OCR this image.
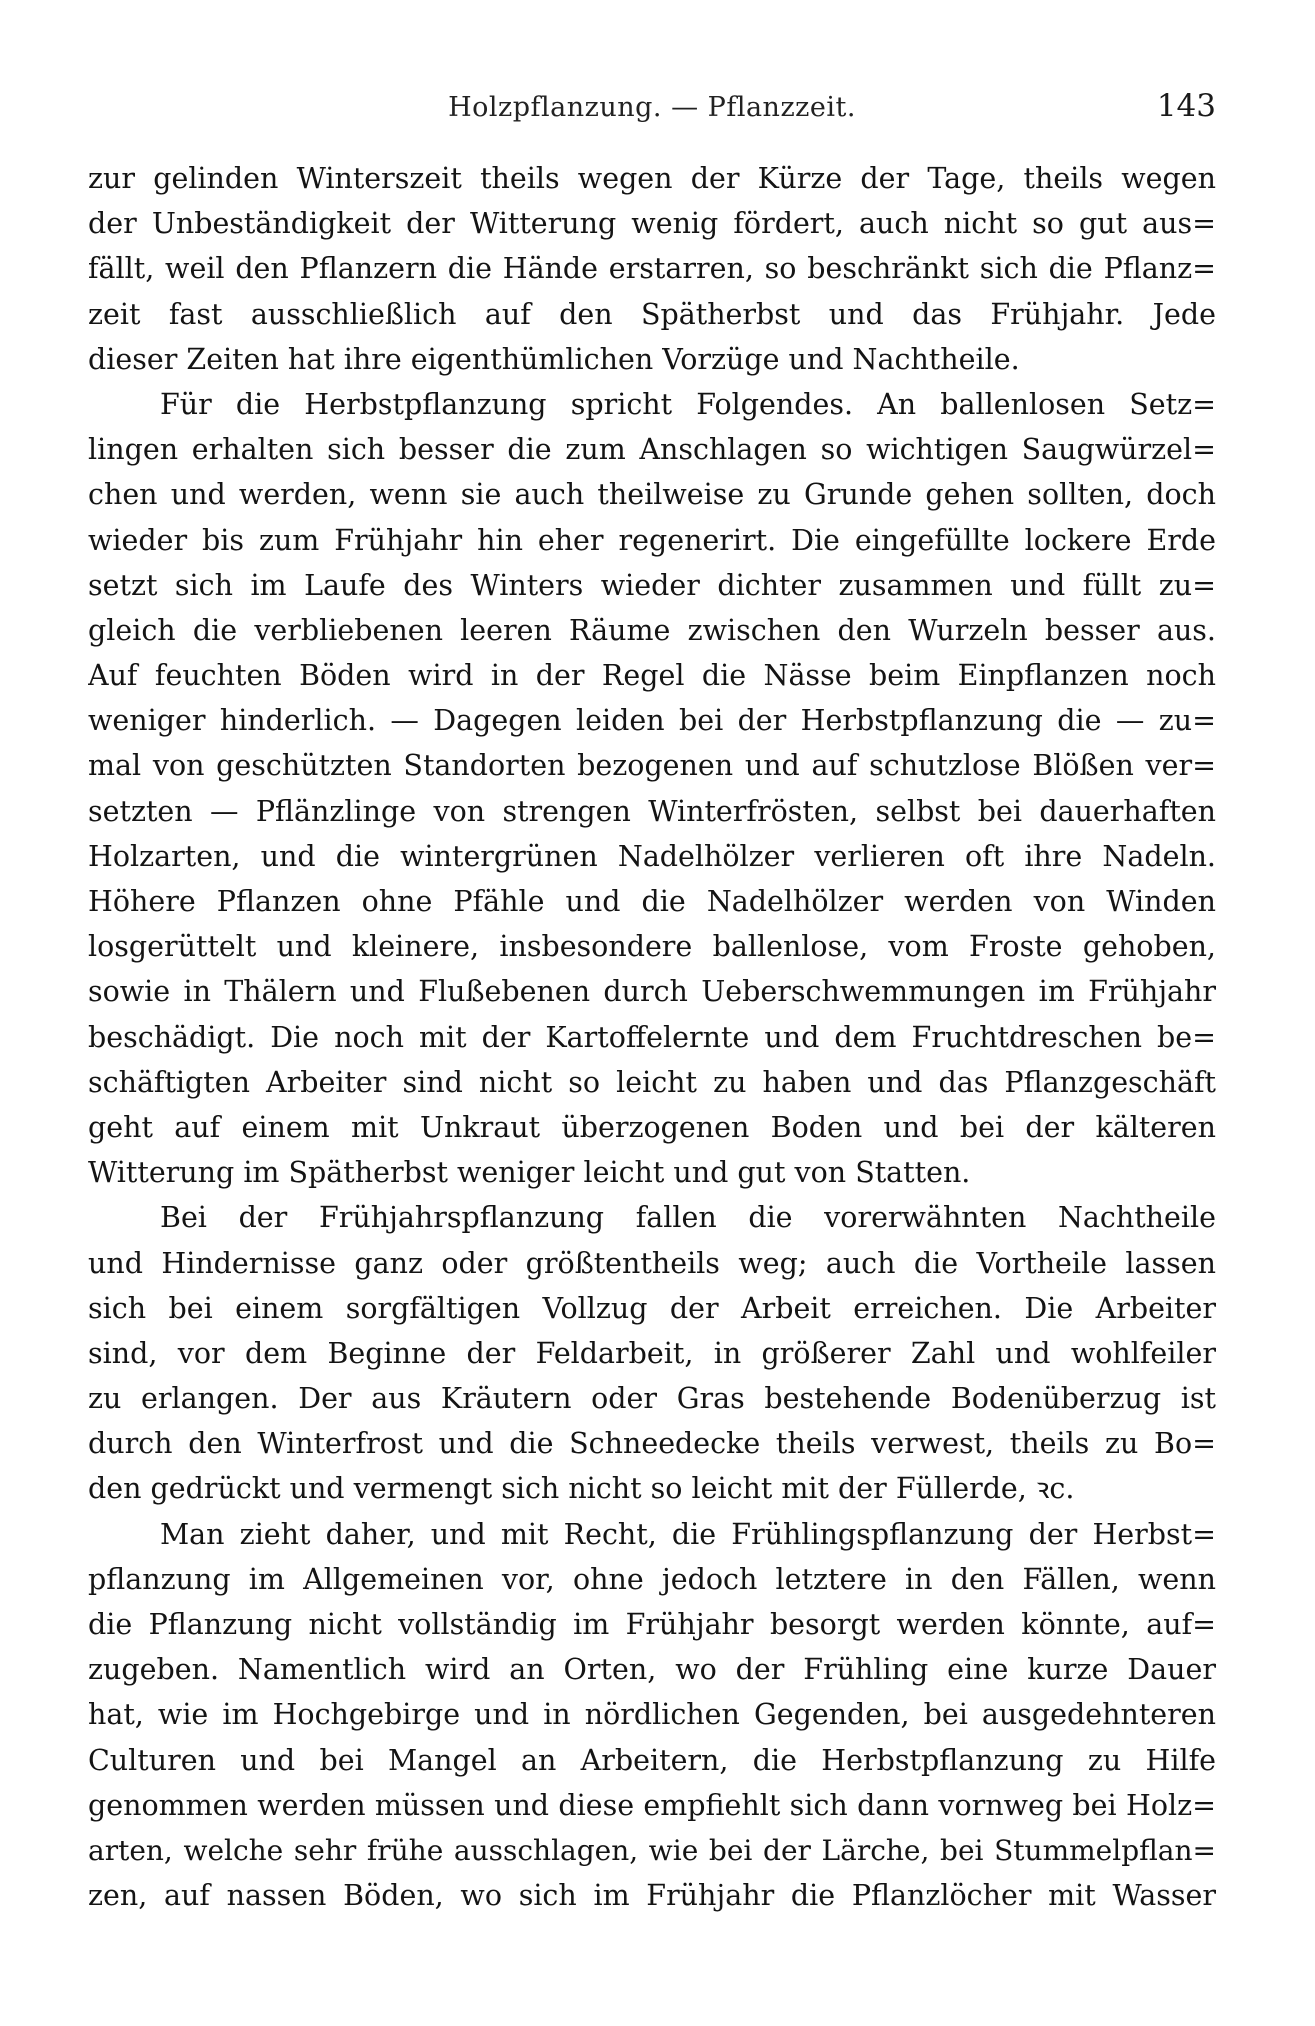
Holzpflanzung. — Pflanzzeit.	143
zur gelinden Winterszeit theils wegen der Kürze der Tage, theils wegen
der Unbeständigkeit der Witterung wenig fördert, auch nicht so gut aus=
fällt, weil den Pflanzern die Hände erstarren, so beschränkt sich die Pflanz=
zeit fast ausschließlich auf den Spätherbst und das Frühjahr. Jede
dieser Zeiten hat ihre eigenthümlichen Vorzüge und Nachtheile.
Für die Herbstpflanzung spricht Folgendes. An ballenlosen Setz=
lingen erhalten sich besser die zum Anschlagen so wichtigen Saugwürzel=
chen und werden, wenn sie auch theilweise zu Grunde gehen sollten, doch
wieder bis zum Frühjahr hin eher regenerirt. Die eingefüllte lockere Erde
setzt sich im Laufe des Winters wieder dichter zusammen und füllt zu=
gleich die verbliebenen leeren Räume zwischen den Wurzeln besser aus.
Auf feuchten Böden wird in der Regel die Nässe beim Einpflanzen noch
weniger hinderlich. — Dagegen leiden bei der Herbstpflanzung die — zu=
mal von geschützten Standorten bezogenen und auf schutzlose Blößen ver=
setzten — Pflänzlinge von strengen Winterfrösten, selbst bei dauerhaften
Holzarten, und die wintergrünen Nadelhölzer verlieren oft ihre Nadeln.
Höhere Pflanzen ohne Pfähle und die Nadelhölzer werden von Winden
losgerüttelt und kleinere, insbesondere ballenlose, vom Froste gehoben,
sowie in Thälern und Flußebenen durch Ueberschwemmungen im Frühjahr
beschädigt. Die noch mit der Kartoffelernte und dem Fruchtdreschen be=
schäftigten Arbeiter sind nicht so leicht zu haben und das Pflanzgeschäft
geht auf einem mit Unkraut überzogenen Boden und bei der kälteren
Witterung im Spätherbst weniger leicht und gut von Statten.
Bei der Frühjahrspflanzung fallen die vorerwähnten Nachtheile
und Hindernisse ganz oder größtentheils weg; auch die Vortheile lassen
sich bei einem sorgfältigen Vollzug der Arbeit erreichen. Die Arbeiter
sind, vor dem Beginne der Feldarbeit, in größerer Zahl und wohlfeiler
zu erlangen. Der aus Kräutern oder Gras bestehende Bodenüberzug ist
durch den Winterfrost und die Schneedecke theils verwest, theils zu Bo=
den gedrückt und vermengt sich nicht so leicht mit der Füllerde, ꝛc.
Man zieht daher, und mit Recht, die Frühlingspflanzung der Herbst=
pflanzung im Allgemeinen vor, ohne jedoch letztere in den Fällen, wenn
die Pflanzung nicht vollständig im Frühjahr besorgt werden könnte, auf=
zugeben. Namentlich wird an Orten, wo der Frühling eine kurze Dauer
hat, wie im Hochgebirge und in nördlichen Gegenden, bei ausgedehnteren
Culturen und bei Mangel an Arbeitern, die Herbstpflanzung zu Hilfe
genommen werden müssen und diese empfiehlt sich dann vornweg bei Holz=
arten, welche sehr frühe ausschlagen, wie bei der Lärche, bei Stummelpflan=
zen, auf nassen Böden, wo sich im Frühjahr die Pflanzlöcher mit Wasser
